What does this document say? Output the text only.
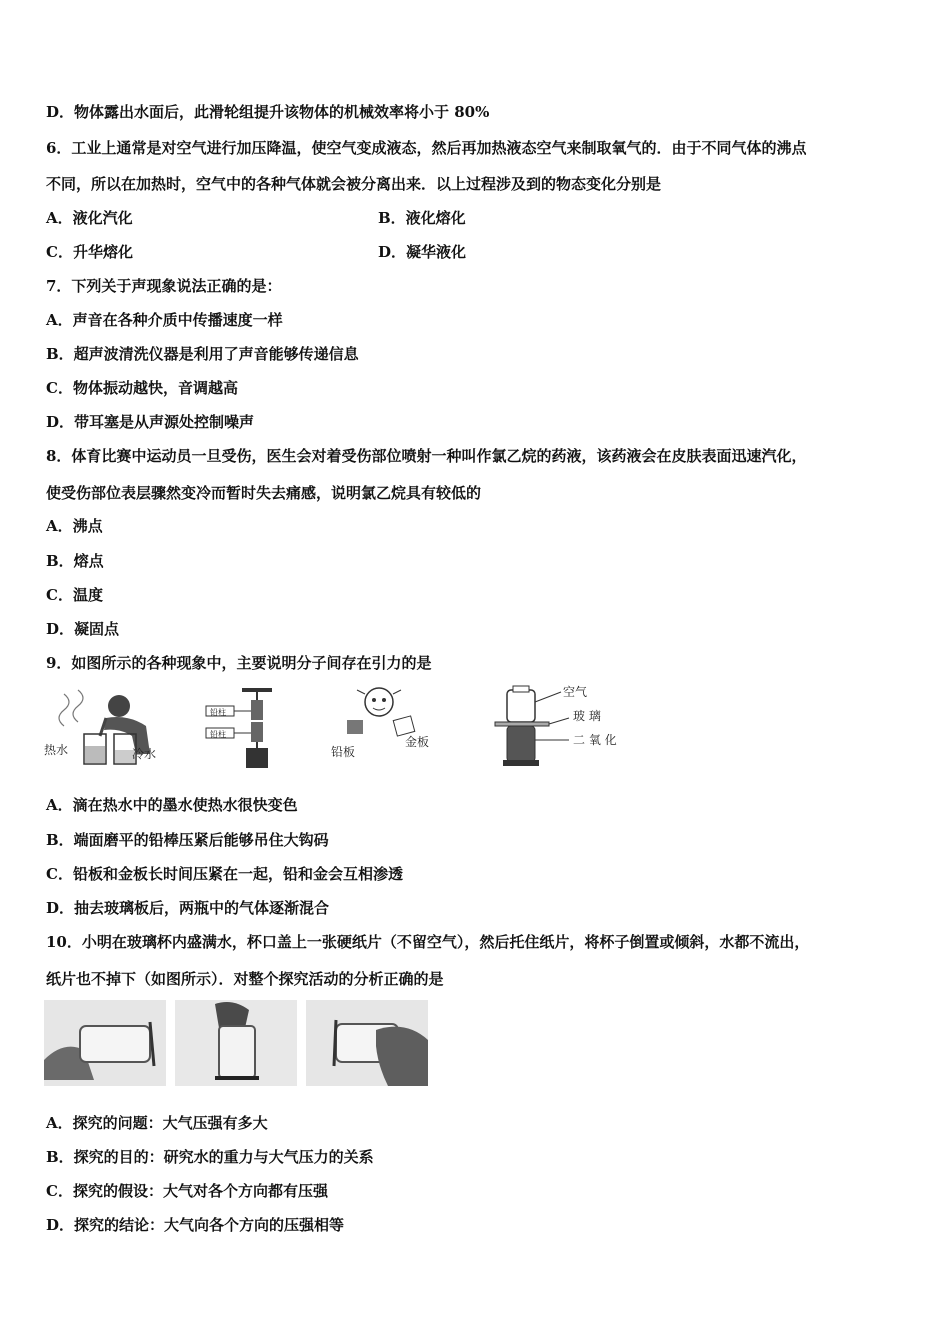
D．物体露出水面后，此滑轮组提升该物体的机械效率将小于 80%
6．工业上通常是对空气进行加压降温，使空气变成液态，然后再加热液态空气来制取氧气的．由于不同气体的沸点
不同，所以在加热时，空气中的各种气体就会被分离出来．以上过程涉及到的物态变化分别是
A．液化汽化	B．液化熔化
C．升华熔化	D．凝华液化
7．下列关于声现象说法正确的是：
A．声音在各种介质中传播速度一样
B．超声波清洗仪器是利用了声音能够传递信息
C．物体振动越快，音调越高
D．带耳塞是从声源处控制噪声
8．体育比赛中运动员一旦受伤，医生会对着受伤部位喷射一种叫作氯乙烷的药液，该药液会在皮肤表面迅速汽化，
使受伤部位表层骤然变冷而暂时失去痛感，说明氯乙烷具有较低的
A．沸点
B．熔点
C．温度
D．凝固点
9．如图所示的各种现象中，主要说明分子间存在引力的是
热水	冷水
铅柱
铅柱
铅板
金板
空气
玻 璃
二 氧 化
A．滴在热水中的墨水使热水很快变色
B．端面磨平的铅棒压紧后能够吊住大钩码
C．铅板和金板长时间压紧在一起，铅和金会互相渗透
D．抽去玻璃板后，两瓶中的气体逐渐混合
10．小明在玻璃杯内盛满水，杯口盖上一张硬纸片（不留空气），然后托住纸片，将杯子倒置或倾斜，水都不流出，
纸片也不掉下（如图所示）．对整个探究活动的分析正确的是
A．探究的问题：大气压强有多大
B．探究的目的：研究水的重力与大气压力的关系
C．探究的假设：大气对各个方向都有压强
D．探究的结论：大气向各个方向的压强相等
